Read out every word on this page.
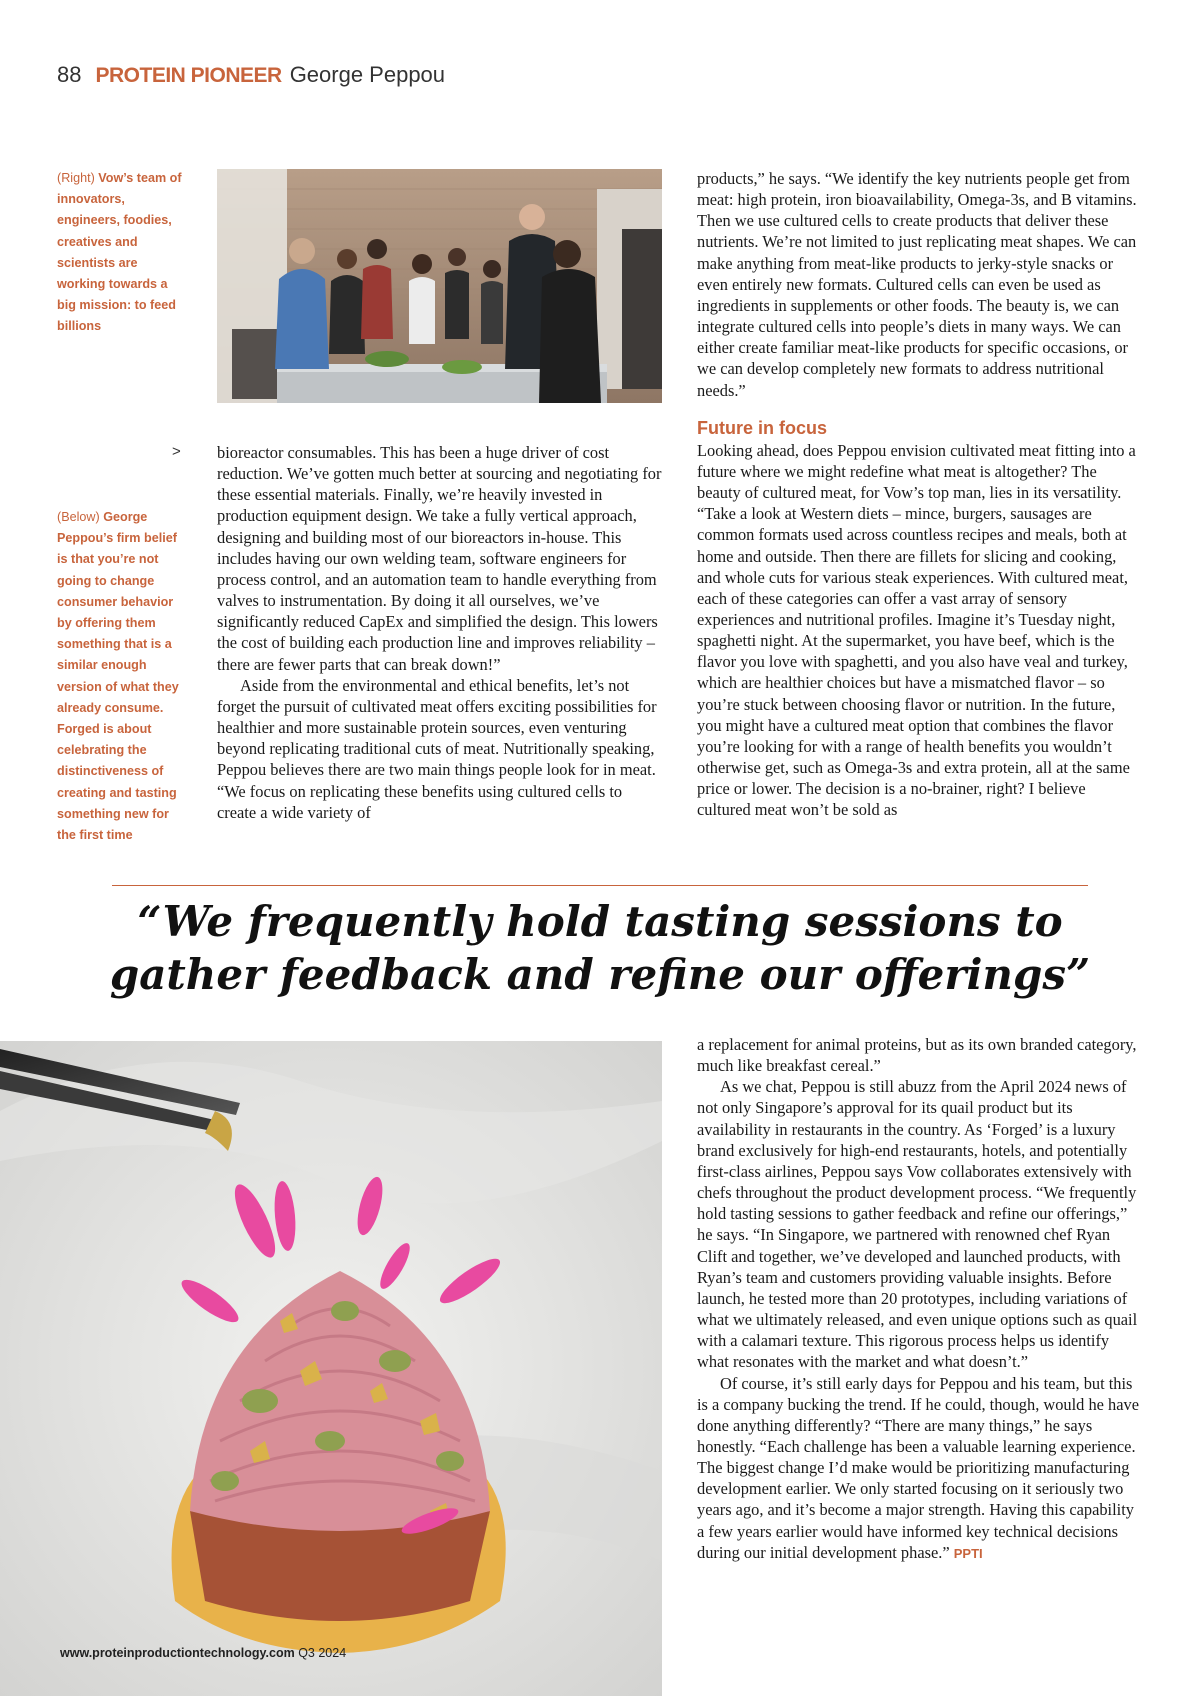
88 PROTEIN PIONEER George Peppou
(Right) Vow’s team of innovators, engineers, foodies, creatives and scientists are working towards a big mission: to feed billions
(Below) George Peppou’s firm belief is that you’re not going to change consumer behavior by offering them something that is a similar enough version of what they already consume. Forged is about celebrating the distinctiveness of creating and tasting something new for the first time
> bioreactor consumables. This has been a huge driver of cost reduction. We’ve gotten much better at sourcing and negotiating for these essential materials. Finally, we’re heavily invested in production equipment design. We take a fully vertical approach, designing and building most of our bioreactors in-house. This includes having our own welding team, software engineers for process control, and an automation team to handle everything from valves to instrumentation. By doing it all ourselves, we’ve significantly reduced CapEx and simplified the design. This lowers the cost of building each production line and improves reliability – there are fewer parts that can break down!”

Aside from the environmental and ethical benefits, let’s not forget the pursuit of cultivated meat offers exciting possibilities for healthier and more sustainable protein sources, even venturing beyond replicating traditional cuts of meat. Nutritionally speaking, Peppou believes there are two main things people look for in meat. “We focus on replicating these benefits using cultured cells to create a wide variety of

products,” he says. “We identify the key nutrients people get from meat: high protein, iron bioavailability, Omega-3s, and B vitamins. Then we use cultured cells to create products that deliver these nutrients. We’re not limited to just replicating meat shapes. We can make anything from meat-like products to jerky-style snacks or even entirely new formats. Cultured cells can even be used as ingredients in supplements or other foods. The beauty is, we can integrate cultured cells into people’s diets in many ways. We can either create familiar meat-like products for specific occasions, or we can develop completely new formats to address nutritional needs.”

Future in focus

Looking ahead, does Peppou envision cultivated meat fitting into a future where we might redefine what meat is altogether? The beauty of cultured meat, for Vow’s top man, lies in its versatility. “Take a look at Western diets – mince, burgers, sausages are common formats used across countless recipes and meals, both at home and outside. Then there are fillets for slicing and cooking, and whole cuts for various steak experiences. With cultured meat, each of these categories can offer a vast array of sensory experiences and nutritional profiles. Imagine it’s Tuesday night, spaghetti night. At the supermarket, you have beef, which is the flavor you love with spaghetti, and you also have veal and turkey, which are healthier choices but have a mismatched flavor – so you’re stuck between choosing flavor or nutrition. In the future, you might have a cultured meat option that combines the flavor you’re looking for with a range of health benefits you wouldn’t otherwise get, such as Omega-3s and extra protein, all at the same price or lower. The decision is a no-brainer, right? I believe cultured meat won’t be sold as

“We frequently hold tasting sessions to gather feedback and refine our offerings”

a replacement for animal proteins, but as its own branded category, much like breakfast cereal.”

As we chat, Peppou is still abuzz from the April 2024 news of not only Singapore’s approval for its quail product but its availability in restaurants in the country. As ‘Forged’ is a luxury brand exclusively for high-end restaurants, hotels, and potentially first-class airlines, Peppou says Vow collaborates extensively with chefs throughout the product development process. “We frequently hold tasting sessions to gather feedback and refine our offerings,” he says. “In Singapore, we partnered with renowned chef Ryan Clift and together, we’ve developed and launched products, with Ryan’s team and customers providing valuable insights. Before launch, he tested more than 20 prototypes, including variations of what we ultimately released, and even unique options such as quail with a calamari texture. This rigorous process helps us identify what resonates with the market and what doesn’t.”

Of course, it’s still early days for Peppou and his team, but this is a company bucking the trend. If he could, though, would he have done anything differently? “There are many things,” he says honestly. “Each challenge has been a valuable learning experience. The biggest change I’d make would be prioritizing manufacturing development earlier. We only started focusing on it seriously two years ago, and it’s become a major strength. Having this capability a few years earlier would have informed key technical decisions during our initial development phase.” PPTI

www.proteinproductiontechnology.com Q3 2024
